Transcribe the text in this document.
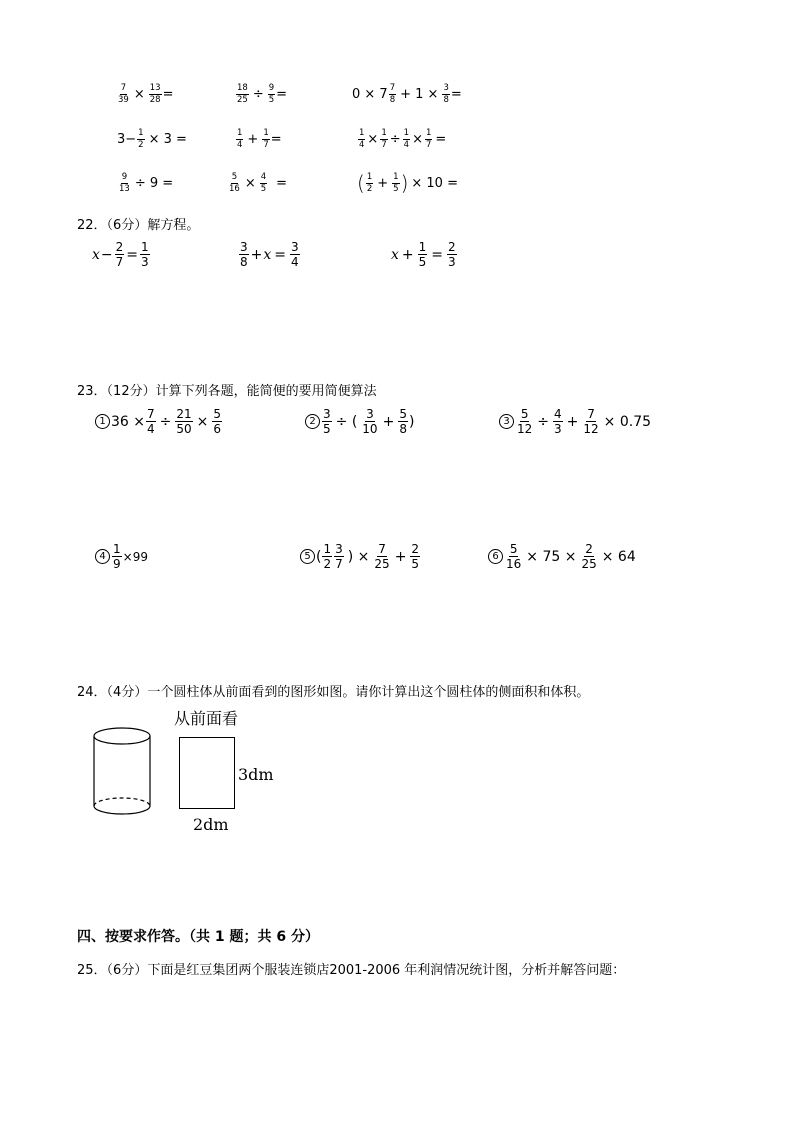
$\frac{7}{39} \times \frac{13}{28}$ =	$\frac{18}{25} \div \frac{9}{5}$ =	$0 \times 7 \frac{7}{8} + 1 \times \frac{3}{8}$ =
$3- \frac{1}{2} \times 3$ =	$\frac{1}{4} + \frac{1}{7}$ =	$\frac{1}{4} \times \frac{1}{7} \div \frac{1}{4} \times \frac{1}{7}$ =
$\frac{9}{13} \div 9$ =	$\frac{5}{16} \times \frac{4}{5}$ =	( $\frac{1}{2} + \frac{1}{5}$ ) × 10 =
22．（6分）解方程。
$x - \frac{2}{7} = \frac{1}{3}$	$\frac{3}{8} + x = \frac{3}{4}$	$x + \frac{1}{5} = \frac{2}{3}$
23．（12分）计算下列各题，能简便的要用简便算法
1 $36 \times \frac{7}{4} \div \frac{21}{50} \times \frac{5}{6}$	$2 \frac{3}{5}$ ÷ ( $\frac{3}{10} + \frac{5}{8}$ )	$3 \frac{5}{12} \div \frac{4}{3} + \frac{7}{12} \times 0.75$
$4 \frac{1}{9} \times 99$	5 ( $\frac{1}{2} \frac{3}{7}$ ) × $\frac{7}{25} + \frac{2}{5}$	$6 \frac{5}{16} \times 75 \times \frac{2}{25} \times 64$
24．（4分）一个圆柱体从前面看到的图形如图。请你计算出这个圆柱体的侧面积和体积。
从前面看
3dm
2dm
四、按要求作答。（共 1 题；共 6 分）
25．（6分）下面是红豆集团两个服装连锁店2001-2006 年利润情况统计图，分析并解答问题：
